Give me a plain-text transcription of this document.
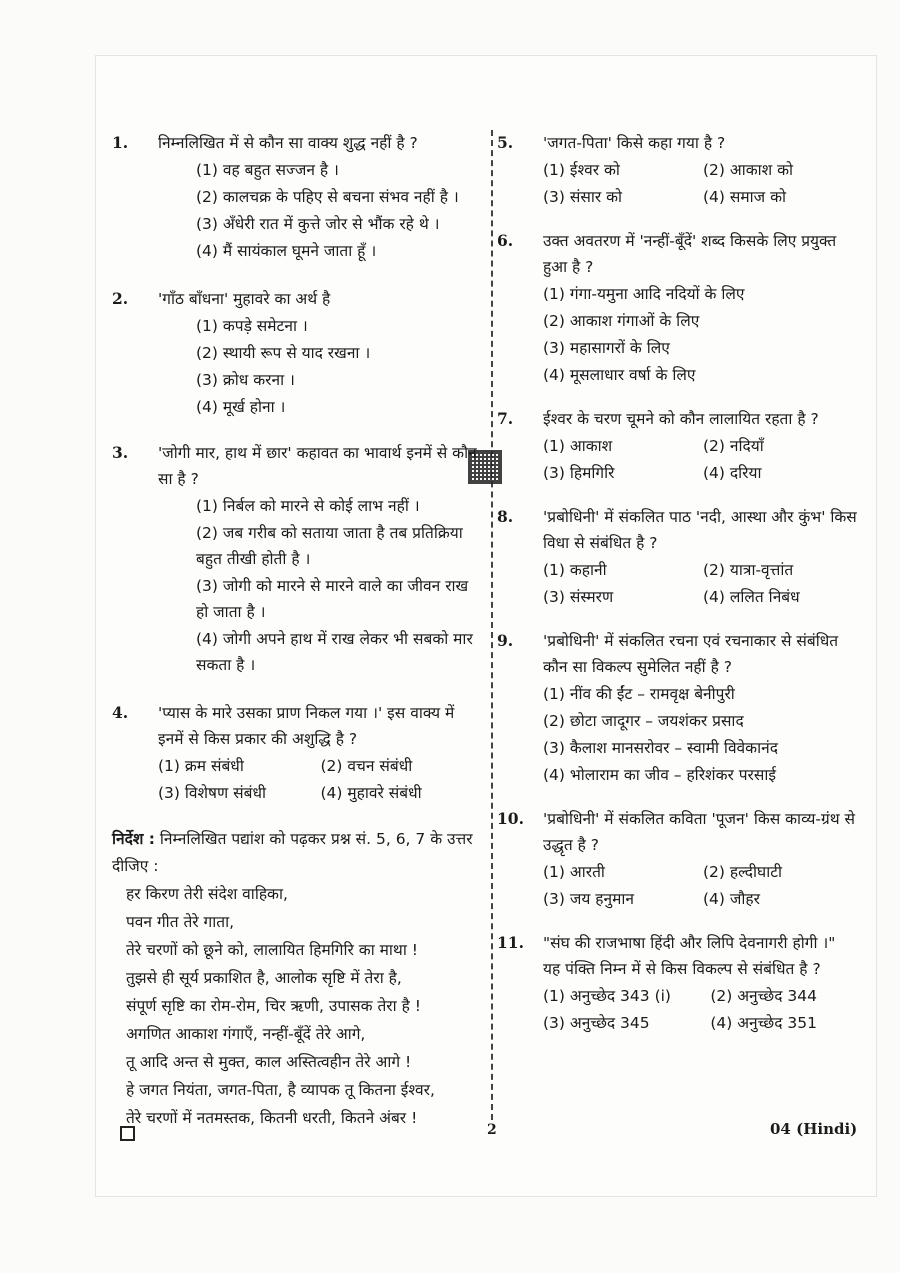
1.	निम्नलिखित में से कौन सा वाक्य शुद्ध नहीं है ?
(1) वह बहुत सज्जन है ।
(2) कालचक्र के पहिए से बचना संभव नहीं है ।
(3) अँधेरी रात में कुत्ते जोर से भौंक रहे थे ।
(4) मैं सायंकाल घूमने जाता हूँ ।
2.	'गाँठ बाँधना' मुहावरे का अर्थ है
(1) कपड़े समेटना ।
(2) स्थायी रूप से याद रखना ।
(3) क्रोध करना ।
(4) मूर्ख होना ।
3.	'जोगी मार, हाथ में छार' कहावत का भावार्थ इनमें से कौन सा है ?
(1) निर्बल को मारने से कोई लाभ नहीं ।
(2) जब गरीब को सताया जाता है तब प्रतिक्रिया बहुत तीखी होती है ।
(3) जोगी को मारने से मारने वाले का जीवन राख हो जाता है ।
(4) जोगी अपने हाथ में राख लेकर भी सबको मार सकता है ।
4.	'प्यास के मारे उसका प्राण निकल गया ।' इस वाक्य में इनमें से किस प्रकार की अशुद्धि है ?
(1) क्रम संबंधी	(2) वचन संबंधी
(3) विशेषण संबंधी	(4) मुहावरे संबंधी
निर्देश : निम्नलिखित पद्यांश को पढ़कर प्रश्न सं. 5, 6, 7 के उत्तर दीजिए :
हर किरण तेरी संदेश वाहिका,
पवन गीत तेरे गाता,
तेरे चरणों को छूने को, लालायित हिमगिरि का माथा !
तुझसे ही सूर्य प्रकाशित है, आलोक सृष्टि में तेरा है,
संपूर्ण सृष्टि का रोम-रोम, चिर ऋणी, उपासक तेरा है !
अगणित आकाश गंगाएँ, नन्हीं-बूँदें तेरे आगे,
तू आदि अन्त से मुक्त, काल अस्तित्वहीन तेरे आगे !
हे जगत नियंता, जगत-पिता, है व्यापक तू कितना ईश्वर,
तेरे चरणों में नतमस्तक, कितनी धरती, कितने अंबर !
5.	'जगत-पिता' किसे कहा गया है ?
(1) ईश्वर को	(2) आकाश को
(3) संसार को	(4) समाज को
6.	उक्त अवतरण में 'नन्हीं-बूँदें' शब्द किसके लिए प्रयुक्त हुआ है ?
(1) गंगा-यमुना आदि नदियों के लिए
(2) आकाश गंगाओं के लिए
(3) महासागरों के लिए
(4) मूसलाधार वर्षा के लिए
7.	ईश्वर के चरण चूमने को कौन लालायित रहता है ?
(1) आकाश	(2) नदियाँ
(3) हिमगिरि	(4) दरिया
8.	'प्रबोधिनी' में संकलित पाठ 'नदी, आस्था और कुंभ' किस विधा से संबंधित है ?
(1) कहानी	(2) यात्रा-वृत्तांत
(3) संस्मरण	(4) ललित निबंध
9.	'प्रबोधिनी' में संकलित रचना एवं रचनाकार से संबंधित कौन सा विकल्प सुमेलित नहीं है ?
(1) नींव की ईंट – रामवृक्ष बेनीपुरी
(2) छोटा जादूगर – जयशंकर प्रसाद
(3) कैलाश मानसरोवर – स्वामी विवेकानंद
(4) भोलाराम का जीव – हरिशंकर परसाई
10.	'प्रबोधिनी' में संकलित कविता 'पूजन' किस काव्य-ग्रंथ से उद्धृत है ?
(1) आरती	(2) हल्दीघाटी
(3) जय हनुमान	(4) जौहर
11.	"संघ की राजभाषा हिंदी और लिपि देवनागरी होगी ।" यह पंक्ति निम्न में से किस विकल्प से संबंधित है ?
(1) अनुच्छेद 343 (i)	(2) अनुच्छेद 344
(3) अनुच्छेद 345	(4) अनुच्छेद 351
2	04 (Hindi)
